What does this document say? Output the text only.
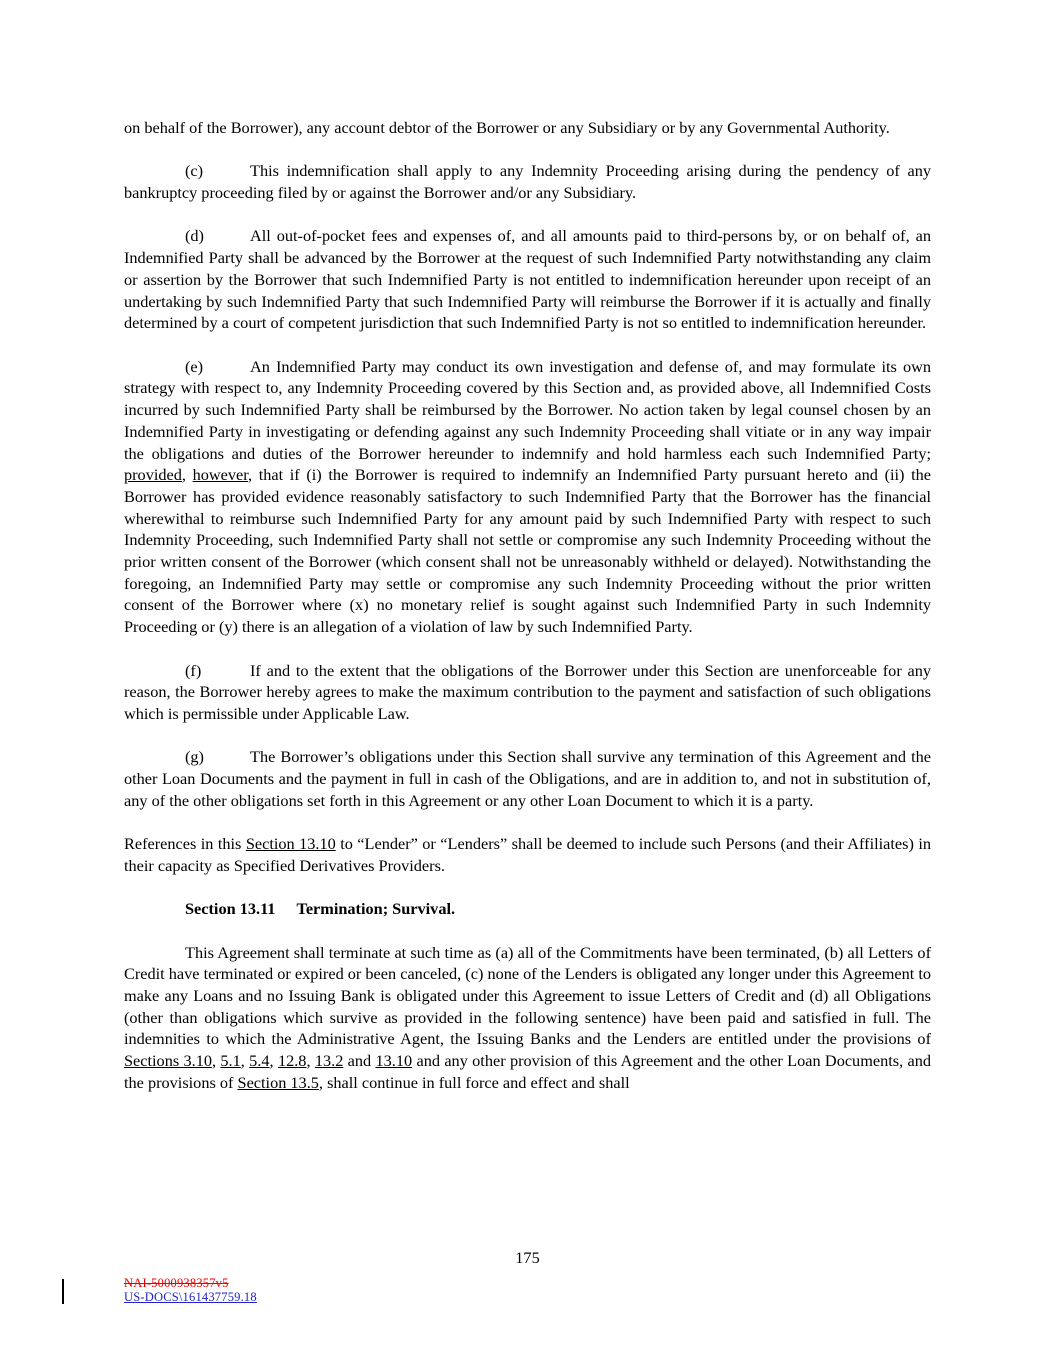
on behalf of the Borrower), any account debtor of the Borrower or any Subsidiary or by any Governmental Authority.

(c)	This indemnification shall apply to any Indemnity Proceeding arising during the pendency of any bankruptcy proceeding filed by or against the Borrower and/or any Subsidiary.

(d)	All out-of-pocket fees and expenses of, and all amounts paid to third-persons by, or on behalf of, an Indemnified Party shall be advanced by the Borrower at the request of such Indemnified Party notwithstanding any claim or assertion by the Borrower that such Indemnified Party is not entitled to indemnification hereunder upon receipt of an undertaking by such Indemnified Party that such Indemnified Party will reimburse the Borrower if it is actually and finally determined by a court of competent jurisdiction that such Indemnified Party is not so entitled to indemnification hereunder.

(e)	An Indemnified Party may conduct its own investigation and defense of, and may formulate its own strategy with respect to, any Indemnity Proceeding covered by this Section and, as provided above, all Indemnified Costs incurred by such Indemnified Party shall be reimbursed by the Borrower. No action taken by legal counsel chosen by an Indemnified Party in investigating or defending against any such Indemnity Proceeding shall vitiate or in any way impair the obligations and duties of the Borrower hereunder to indemnify and hold harmless each such Indemnified Party; provided, however, that if (i) the Borrower is required to indemnify an Indemnified Party pursuant hereto and (ii) the Borrower has provided evidence reasonably satisfactory to such Indemnified Party that the Borrower has the financial wherewithal to reimburse such Indemnified Party for any amount paid by such Indemnified Party with respect to such Indemnity Proceeding, such Indemnified Party shall not settle or compromise any such Indemnity Proceeding without the prior written consent of the Borrower (which consent shall not be unreasonably withheld or delayed). Notwithstanding the foregoing, an Indemnified Party may settle or compromise any such Indemnity Proceeding without the prior written consent of the Borrower where (x) no monetary relief is sought against such Indemnified Party in such Indemnity Proceeding or (y) there is an allegation of a violation of law by such Indemnified Party.

(f)	If and to the extent that the obligations of the Borrower under this Section are unenforceable for any reason, the Borrower hereby agrees to make the maximum contribution to the payment and satisfaction of such obligations which is permissible under Applicable Law.

(g)	The Borrower’s obligations under this Section shall survive any termination of this Agreement and the other Loan Documents and the payment in full in cash of the Obligations, and are in addition to, and not in substitution of, any of the other obligations set forth in this Agreement or any other Loan Document to which it is a party.

References in this Section 13.10 to “Lender” or “Lenders” shall be deemed to include such Persons (and their Affiliates) in their capacity as Specified Derivatives Providers.

Section 13.11 Termination; Survival.

This Agreement shall terminate at such time as (a) all of the Commitments have been terminated, (b) all Letters of Credit have terminated or expired or been canceled, (c) none of the Lenders is obligated any longer under this Agreement to make any Loans and no Issuing Bank is obligated under this Agreement to issue Letters of Credit and (d) all Obligations (other than obligations which survive as provided in the following sentence) have been paid and satisfied in full. The indemnities to which the Administrative Agent, the Issuing Banks and the Lenders are entitled under the provisions of Sections 3.10, 5.1, 5.4, 12.8, 13.2 and 13.10 and any other provision of this Agreement and the other Loan Documents, and the provisions of Section 13.5, shall continue in full force and effect and shall

175
NAI-5000938357v5
US-DOCS\161437759.18
